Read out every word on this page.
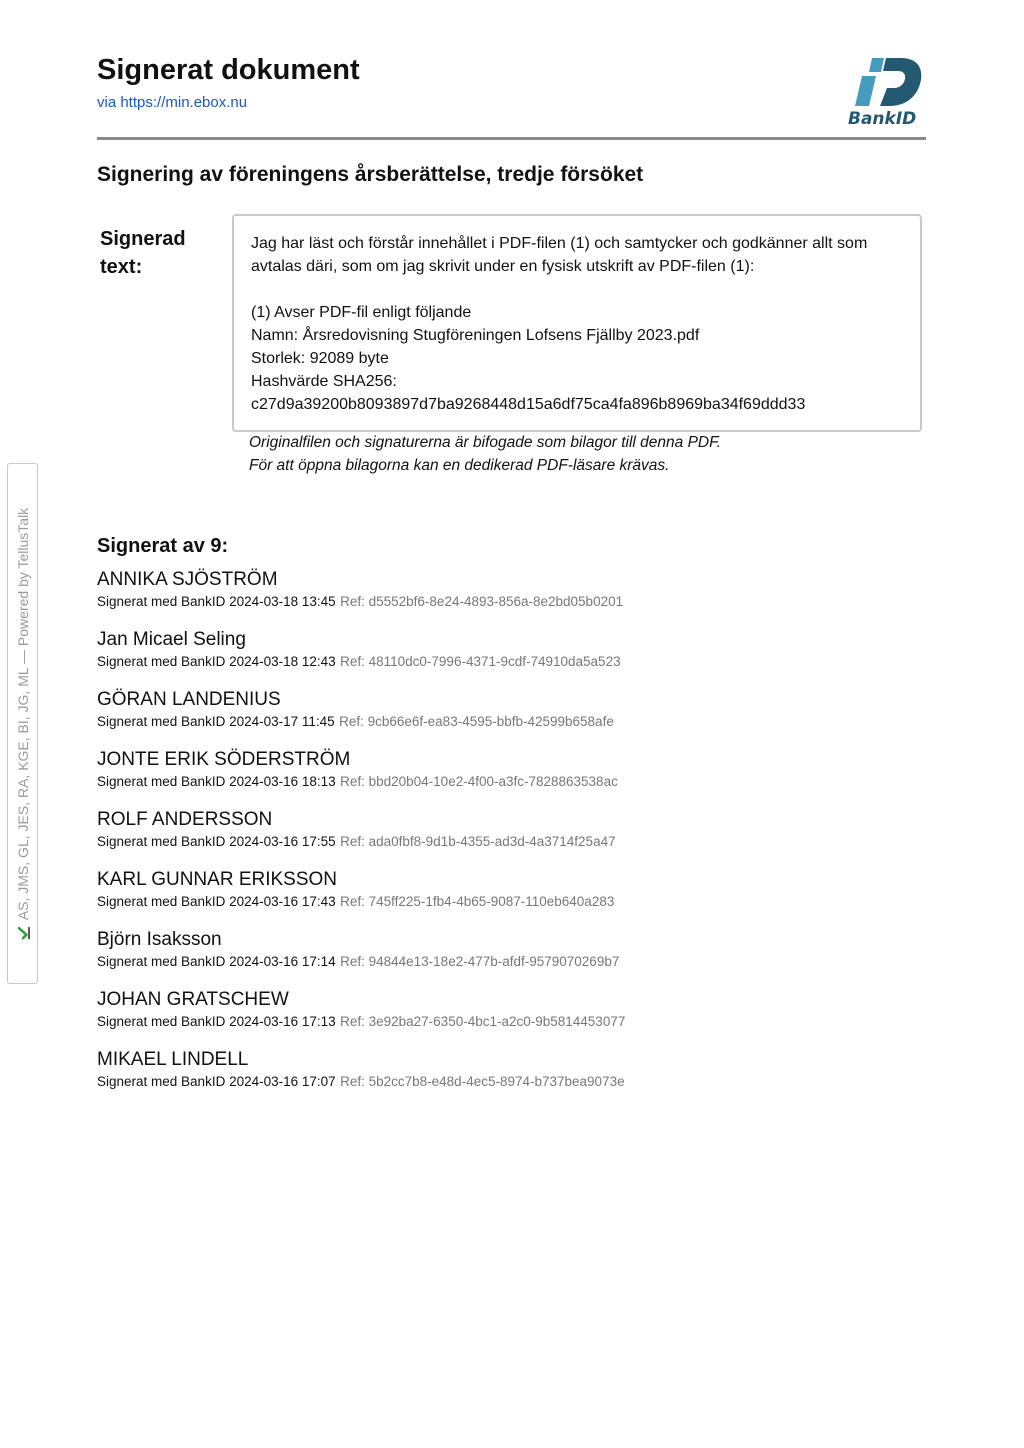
Signerat dokument
via https://min.ebox.nu
BankID
Signering av föreningens årsberättelse, tredje försöket
Signerad text:

Jag har läst och förstår innehållet i PDF-filen (1) och samtycker och godkänner allt som avtalas däri, som om jag skrivit under en fysisk utskrift av PDF-filen (1):

(1) Avser PDF-fil enligt följande

Namn: Årsredovisning Stugföreningen Lofsens Fjällby 2023.pdf

Storlek: 92089 byte

Hashvärde SHA256:

c27d9a39200b8093897d7ba9268448d15a6df75ca4fa896b8969ba34f69ddd33

Originalfilen och signaturerna är bifogade som bilagor till denna PDF.
För att öppna bilagorna kan en dedikerad PDF-läsare krävas.
Signerat av 9:
ANNIKA SJÖSTRÖM
Signerat med BankID 2024-03-18 13:45 Ref: d5552bf6-8e24-4893-856a-8e2bd05b0201
Jan Micael Seling
Signerat med BankID 2024-03-18 12:43 Ref: 48110dc0-7996-4371-9cdf-74910da5a523
GÖRAN LANDENIUS
Signerat med BankID 2024-03-17 11:45 Ref: 9cb66e6f-ea83-4595-bbfb-42599b658afe
JONTE ERIK SÖDERSTRÖM
Signerat med BankID 2024-03-16 18:13 Ref: bbd20b04-10e2-4f00-a3fc-7828863538ac
ROLF ANDERSSON
Signerat med BankID 2024-03-16 17:55 Ref: ada0fbf8-9d1b-4355-ad3d-4a3714f25a47
KARL GUNNAR ERIKSSON
Signerat med BankID 2024-03-16 17:43 Ref: 745ff225-1fb4-4b65-9087-110eb640a283
Björn Isaksson
Signerat med BankID 2024-03-16 17:14 Ref: 94844e13-18e2-477b-afdf-9579070269b7
JOHAN GRATSCHEW
Signerat med BankID 2024-03-16 17:13 Ref: 3e92ba27-6350-4bc1-a2c0-9b5814453077
MIKAEL LINDELL
Signerat med BankID 2024-03-16 17:07 Ref: 5b2cc7b8-e48d-4ec5-8974-b737bea9073e
AS, JMS, GL, JES, RA, KGE, BI, JG, ML — Powered by TellusTalk
